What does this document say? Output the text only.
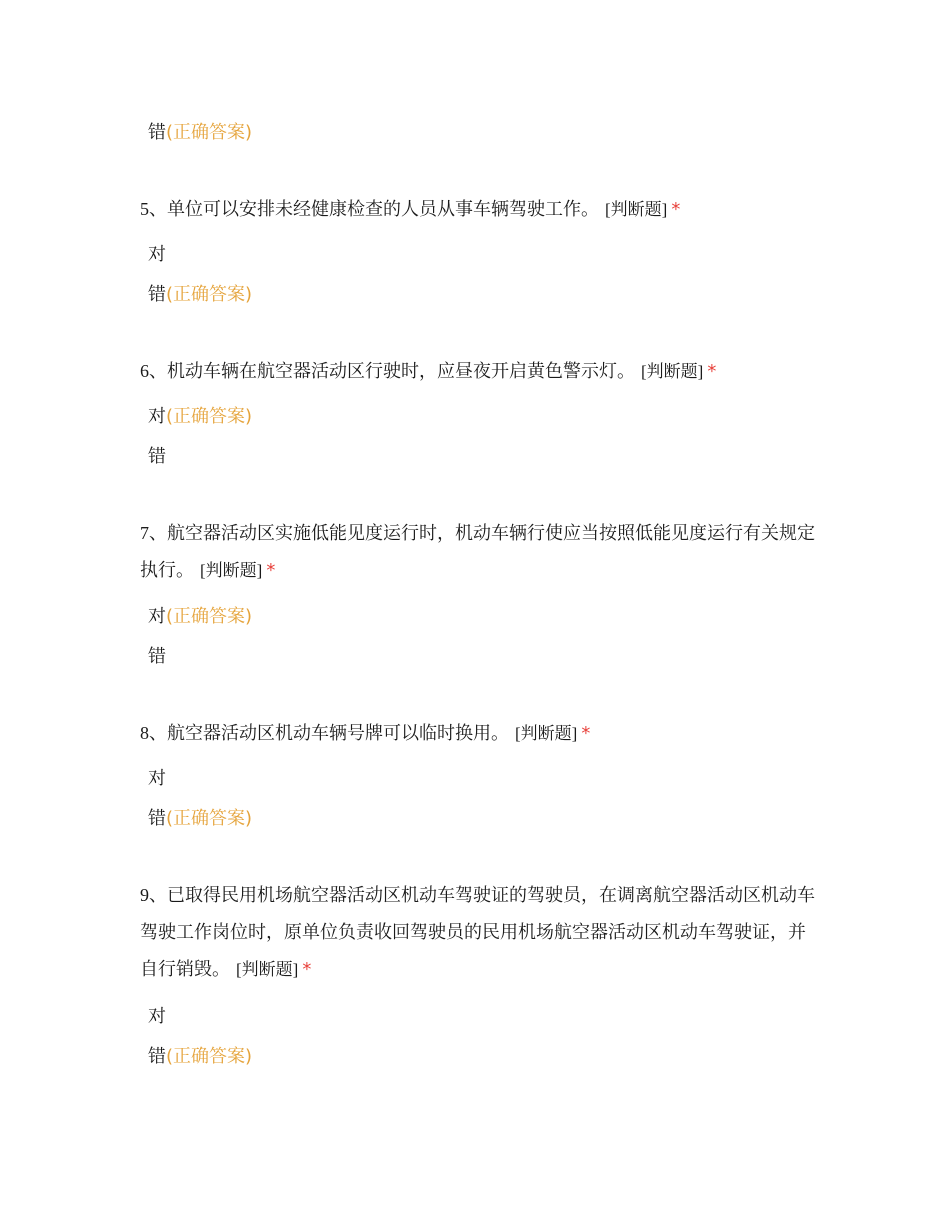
错(正确答案)
5、单位可以安排未经健康检查的人员从事车辆驾驶工作。 [判断题] *
对
错(正确答案)
6、机动车辆在航空器活动区行驶时，应昼夜开启黄色警示灯。 [判断题] *
对(正确答案)
错
7、航空器活动区实施低能见度运行时，机动车辆行使应当按照低能见度运行有关规定执行。 [判断题] *
对(正确答案)
错
8、航空器活动区机动车辆号牌可以临时换用。 [判断题] *
对
错(正确答案)
9、已取得民用机场航空器活动区机动车驾驶证的驾驶员，在调离航空器活动区机动车驾驶工作岗位时，原单位负责收回驾驶员的民用机场航空器活动区机动车驾驶证，并自行销毁。 [判断题] *
对
错(正确答案)
